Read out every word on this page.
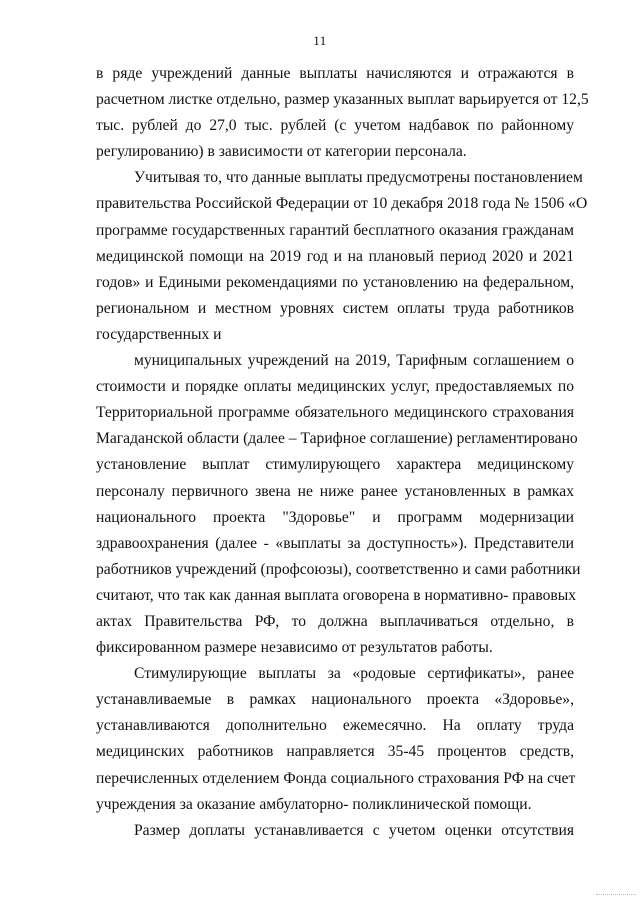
11
в ряде учреждений данные выплаты начисляются и отражаются в
расчетном листке отдельно, размер указанных выплат варьируется от 12,5
тыс. рублей до 27,0 тыс. рублей (с учетом надбавок по районному
регулированию) в зависимости от категории персонала.
Учитывая то, что данные выплаты предусмотрены постановлением
правительства Российской Федерации от 10 декабря 2018 года № 1506 «О
программе государственных гарантий бесплатного оказания гражданам
медицинской помощи на 2019 год и на плановый период 2020 и 2021
годов» и Едиными рекомендациями по установлению на федеральном,
региональном и местном уровнях систем оплаты труда работников
государственных и
муниципальных учреждений на 2019, Тарифным соглашением о
стоимости и порядке оплаты медицинских услуг, предоставляемых по
Территориальной программе обязательного медицинского страхования
Магаданской области (далее – Тарифное соглашение) регламентировано
установление выплат стимулирующего характера медицинскому
персоналу первичного звена не ниже ранее установленных в рамках
национального проекта "Здоровье" и программ модернизации
здравоохранения (далее - «выплаты за доступность»). Представители
работников учреждений (профсоюзы), соответственно и сами работники
считают, что так как данная выплата оговорена в нормативно- правовых
актах Правительства РФ, то должна выплачиваться отдельно, в
фиксированном размере независимо от результатов работы.
Стимулирующие выплаты за «родовые сертификаты», ранее
устанавливаемые в рамках национального проекта «Здоровье»,
устанавливаются дополнительно ежемесячно. На оплату труда
медицинских работников направляется 35-45 процентов средств,
перечисленных отделением Фонда социального страхования РФ на счет
учреждения за оказание амбулаторно- поликлинической помощи.
Размер доплаты устанавливается с учетом оценки отсутствия
